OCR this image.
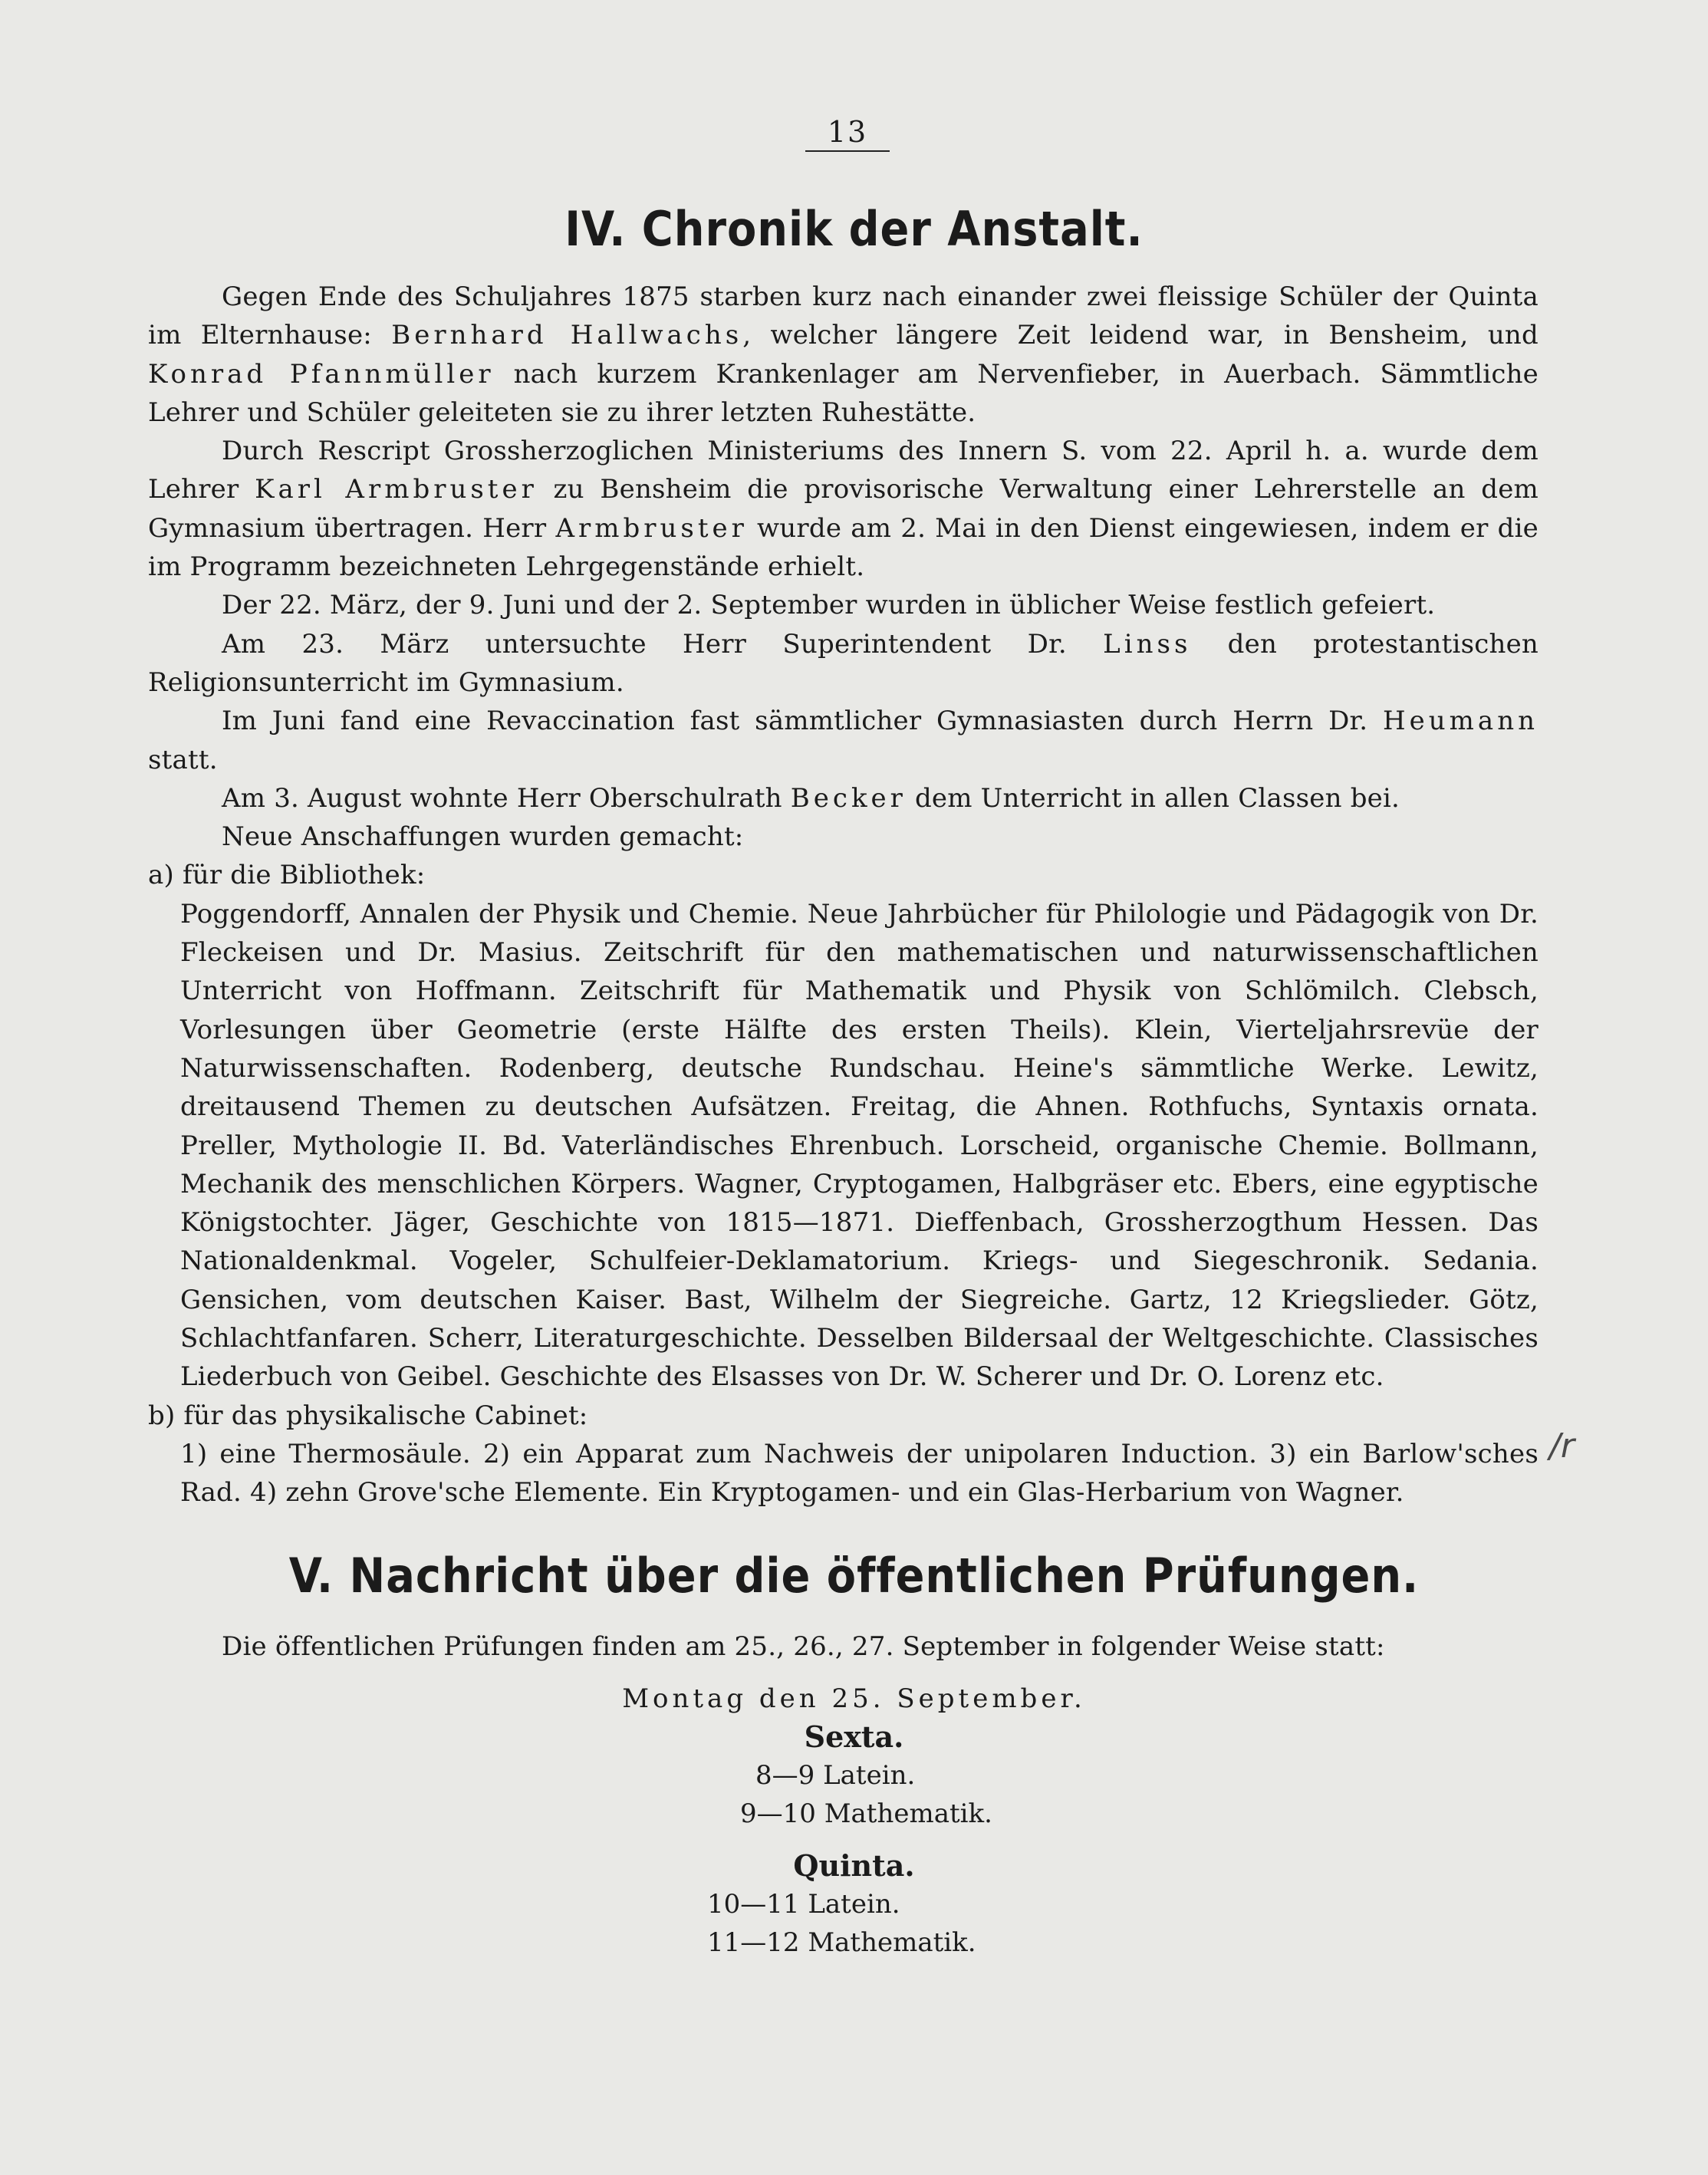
13
IV. Chronik der Anstalt.

Gegen Ende des Schuljahres 1875 starben kurz nach einander zwei fleissige Schüler der Quinta im Elternhause: Bernhard Hallwachs, welcher längere Zeit leidend war, in Bensheim, und Konrad Pfannmüller nach kurzem Krankenlager am Nervenfieber, in Auerbach. Sämmtliche Lehrer und Schüler geleiteten sie zu ihrer letzten Ruhestätte.

Durch Rescript Grossherzoglichen Ministeriums des Innern S. vom 22. April h. a. wurde dem Lehrer Karl Armbruster zu Bensheim die provisorische Verwaltung einer Lehrerstelle an dem Gymnasium übertragen. Herr Armbruster wurde am 2. Mai in den Dienst eingewiesen, indem er die im Programm bezeichneten Lehrgegenstände erhielt.

Der 22. März, der 9. Juni und der 2. September wurden in üblicher Weise festlich gefeiert.

Am 23. März untersuchte Herr Superintendent Dr. Linss den protestantischen Religionsunterricht im Gymnasium.

Im Juni fand eine Revaccination fast sämmtlicher Gymnasiasten durch Herrn Dr. Heumann statt.

Am 3. August wohnte Herr Oberschulrath Becker dem Unterricht in allen Classen bei.

Neue Anschaffungen wurden gemacht:

a) für die Bibliothek:

Poggendorff, Annalen der Physik und Chemie. Neue Jahrbücher für Philologie und Pädagogik von Dr. Fleckeisen und Dr. Masius. Zeitschrift für den mathematischen und naturwissenschaftlichen Unterricht von Hoffmann. Zeitschrift für Mathematik und Physik von Schlömilch. Clebsch, Vorlesungen über Geometrie (erste Hälfte des ersten Theils). Klein, Vierteljahrsrevüe der Naturwissenschaften. Rodenberg, deutsche Rundschau. Heine's sämmtliche Werke. Lewitz, dreitausend Themen zu deutschen Aufsätzen. Freitag, die Ahnen. Rothfuchs, Syntaxis ornata. Preller, Mythologie II. Bd. Vaterländisches Ehrenbuch. Lorscheid, organische Chemie. Bollmann, Mechanik des menschlichen Körpers. Wagner, Cryptogamen, Halbgräser etc. Ebers, eine egyptische Königstochter. Jäger, Geschichte von 1815—1871. Dieffenbach, Grossherzogthum Hessen. Das Nationaldenkmal. Vogeler, Schulfeier-Deklamatorium. Kriegs- und Siegeschronik. Sedania. Gensichen, vom deutschen Kaiser. Bast, Wilhelm der Siegreiche. Gartz, 12 Kriegslieder. Götz, Schlachtfanfaren. Scherr, Literaturgeschichte. Desselben Bildersaal der Weltgeschichte. Classisches Liederbuch von Geibel. Geschichte des Elsasses von Dr. W. Scherer und Dr. O. Lorenz etc.

b) für das physikalische Cabinet:

1) eine Thermosäule. 2) ein Apparat zum Nachweis der unipolaren Induction. 3) ein Barlow'sches Rad. 4) zehn Grove'sche Elemente. Ein Kryptogamen- und ein Glas-Herbarium von Wagner.

/r
V. Nachricht über die öffentlichen Prüfungen.

Die öffentlichen Prüfungen finden am 25., 26., 27. September in folgender Weise statt:

Montag den 25. September.

Sexta.

8—9 Latein.

9—10 Mathematik.

Quinta.

10—11 Latein.

11—12 Mathematik.
